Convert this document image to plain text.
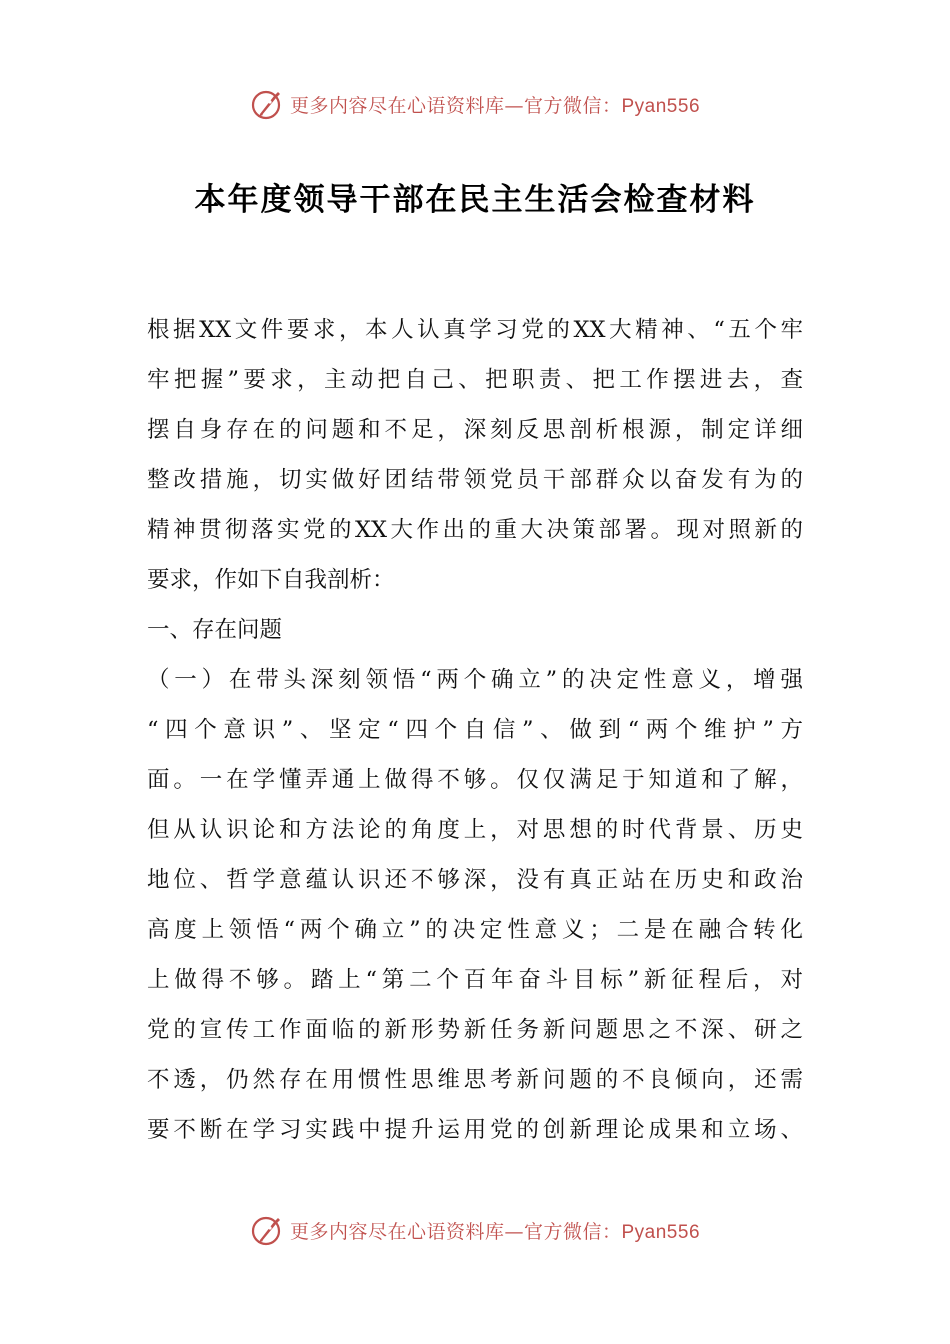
更多内容尽在心语资料库—官方微信：Pyan556
本年度领导干部在民主生活会检查材料
根据XX文件要求，本人认真学习党的XX大精神、“五个牢
牢把握”要求，主动把自己、把职责、把工作摆进去，查
摆自身存在的问题和不足，深刻反思剖析根源，制定详细
整改措施，切实做好团结带领党员干部群众以奋发有为的
精神贯彻落实党的XX大作出的重大决策部署。现对照新的
要求，作如下自我剖析：
一、存在问题
（一）在带头深刻领悟“两个确立”的决定性意义，增强
“四个意识”、坚定“四个自信”、做到“两个维护”方
面。一在学懂弄通上做得不够。仅仅满足于知道和了解，
但从认识论和方法论的角度上，对思想的时代背景、历史
地位、哲学意蕴认识还不够深，没有真正站在历史和政治
高度上领悟“两个确立”的决定性意义；二是在融合转化
上做得不够。踏上“第二个百年奋斗目标”新征程后，对
党的宣传工作面临的新形势新任务新问题思之不深、研之
不透，仍然存在用惯性思维思考新问题的不良倾向，还需
要不断在学习实践中提升运用党的创新理论成果和立场、
更多内容尽在心语资料库—官方微信：Pyan556
